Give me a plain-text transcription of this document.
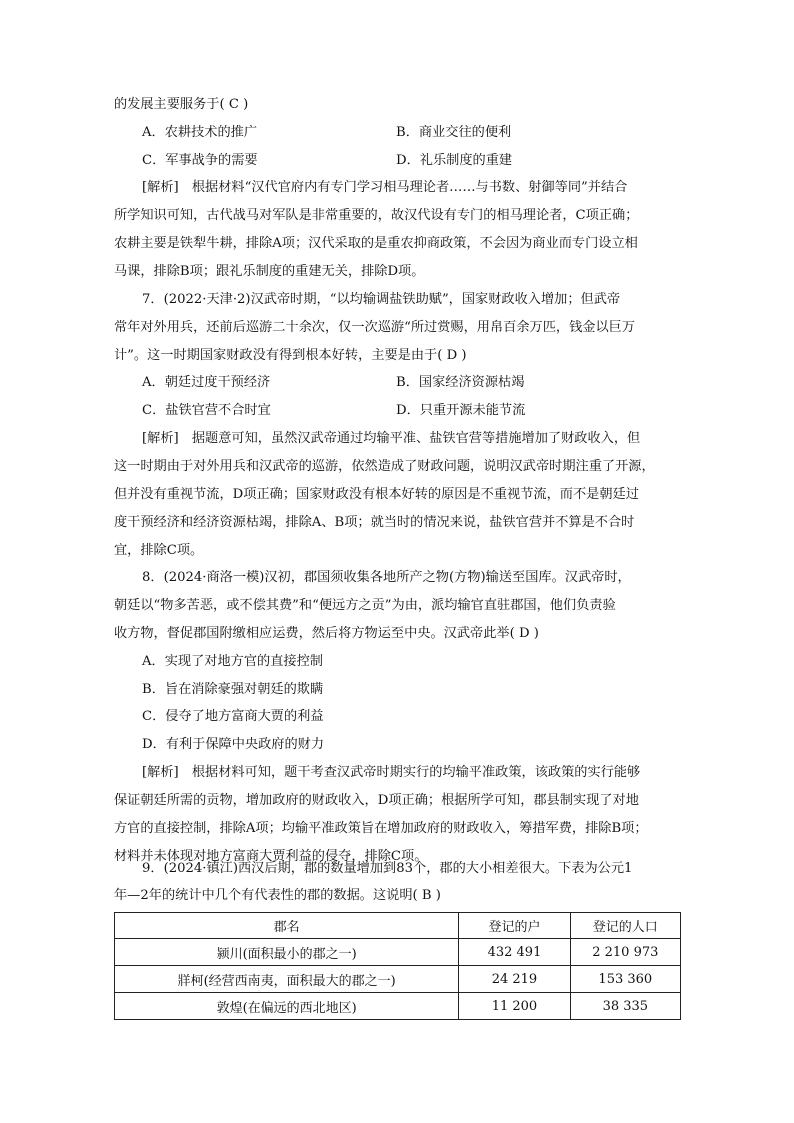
的发展主要服务于( C )
A．农耕技术的推广	B．商业交往的便利
C．军事战争的需要	D．礼乐制度的重建
[解析]　根据材料“汉代官府内有专门学习相马理论者……与书数、射御等同”并结合
所学知识可知，古代战马对军队是非常重要的，故汉代设有专门的相马理论者，C项正确；
农耕主要是铁犁牛耕，排除A项；汉代采取的是重农抑商政策，不会因为商业而专门设立相
马课，排除B项；跟礼乐制度的重建无关，排除D项。
7．(2022·天津·2)汉武帝时期，“以均输调盐铁助赋”，国家财政收入增加；但武帝
常年对外用兵，还前后巡游二十余次，仅一次巡游“所过赏赐，用帛百余万匹，钱金以巨万
计”。这一时期国家财政没有得到根本好转，主要是由于( D )
A．朝廷过度干预经济	B．国家经济资源枯竭
C．盐铁官营不合时宜	D．只重开源未能节流
[解析]　据题意可知，虽然汉武帝通过均输平准、盐铁官营等措施增加了财政收入，但
这一时期由于对外用兵和汉武帝的巡游，依然造成了财政问题，说明汉武帝时期注重了开源，
但并没有重视节流，D项正确；国家财政没有根本好转的原因是不重视节流，而不是朝廷过
度干预经济和经济资源枯竭，排除A、B项；就当时的情况来说，盐铁官营并不算是不合时
宜，排除C项。
8．(2024·商洛一模)汉初，郡国须收集各地所产之物(方物)输送至国库。汉武帝时，
朝廷以“物多苦恶，或不偿其费”和“便远方之贡”为由，派均输官直驻郡国，他们负责验
收方物，督促郡国附缴相应运费，然后将方物运至中央。汉武帝此举( D )
A．实现了对地方官的直接控制
B．旨在消除豪强对朝廷的欺瞒
C．侵夺了地方富商大贾的利益
D．有利于保障中央政府的财力
[解析]　根据材料可知，题干考查汉武帝时期实行的均输平准政策，该政策的实行能够
保证朝廷所需的贡物，增加政府的财政收入，D项正确；根据所学可知，郡县制实现了对地
方官的直接控制，排除A项；均输平准政策旨在增加政府的财政收入，筹措军费，排除B项；
材料并未体现对地方富商大贾利益的侵夺，排除C项。
9．(2024·镇江)西汉后期，郡的数量增加到83个，郡的大小相差很大。下表为公元1
年—2年的统计中几个有代表性的郡的数据。这说明( B )
郡名	登记的户	登记的人口
颍川(面积最小的郡之一)	432 491	2 210 973
牂柯(经营西南夷，面积最大的郡之一)	24 219	153 360
敦煌(在偏远的西北地区)	11 200	38 335
